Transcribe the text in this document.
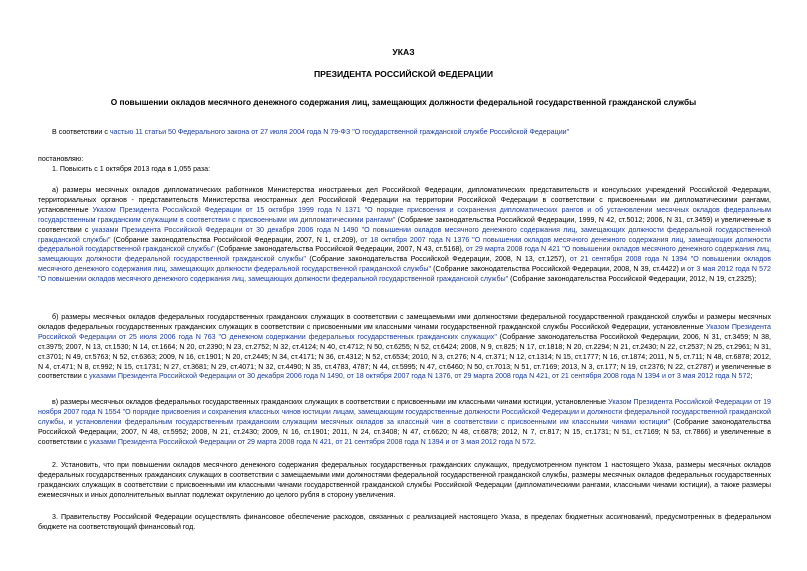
УКАЗ
ПРЕЗИДЕНТА РОССИЙСКОЙ ФЕДЕРАЦИИ
О повышении окладов месячного денежного содержания лиц, замещающих должности федеральной государственной гражданской службы
В соответствии с частью 11 статьи 50 Федерального закона от 27 июля 2004 года N 79-ФЗ "О государственной гражданской службе Российской Федерации"
постановляю:
1. Повысить с 1 октября 2013 года в 1,055 раза:
а) размеры месячных окладов дипломатических работников Министерства иностранных дел Российской Федерации, дипломатических представительств и консульских учреждений Российской Федерации, территориальных органов - представительств Министерства иностранных дел Российской Федерации на территории Российской Федерации в соответствии с присвоенными им дипломатическими рангами, установленные Указом Президента Российской Федерации от 15 октября 1999 года N 1371 "О порядке присвоения и сохранения дипломатических рангов и об установлении месячных окладов федеральным государственным гражданским служащим в соответствии с присвоенными им дипломатическими рангами" (Собрание законодательства Российской Федерации, 1999, N 42, ст.5012; 2006, N 31, ст.3459) и увеличенные в соответствии с указами Президента Российской Федерации от 30 декабря 2006 года N 1490 "О повышении окладов месячного денежного содержания лиц, замещающих должности федеральной государственной гражданской службы" (Собрание законодательства Российской Федерации, 2007, N 1, ст.209), от 18 октября 2007 года N 1376 "О повышении окладов месячного денежного содержания лиц, замещающих должности федеральной государственной гражданской службы" (Собрание законодательства Российской Федерации, 2007, N 43, ст.5168), от 29 марта 2008 года N 421 "О повышении окладов месячного денежного содержания лиц, замещающих должности федеральной государственной гражданской службы" (Собрание законодательства Российской Федерации, 2008, N 13, ст.1257), от 21 сентября 2008 года N 1394 "О повышении окладов месячного денежного содержания лиц, замещающих должности федеральной государственной гражданской службы" (Собрание законодательства Российской Федерации, 2008, N 39, ст.4422) и от 3 мая 2012 года N 572 "О повышении окладов месячного денежного содержания лиц, замещающих должности федеральной государственной гражданской службы" (Собрание законодательства Российской Федерации, 2012, N 19, ст.2325);
б) размеры месячных окладов федеральных государственных гражданских служащих в соответствии с замещаемыми ими должностями федеральной государственной гражданской службы и размеры месячных окладов федеральных государственных гражданских служащих в соответствии с присвоенными им классными чинами государственной гражданской службы Российской Федерации, установленные Указом Президента Российской Федерации от 25 июля 2006 года N 763 "О денежном содержании федеральных государственных гражданских служащих" (Собрание законодательства Российской Федерации, 2006, N 31, ст.3459; N 38, ст.3975; 2007, N 13, ст.1530; N 14, ст.1664; N 20, ст.2390; N 23, ст.2752; N 32, ст.4124; N 40, ст.4712; N 50, ст.6255; N 52, ст.6424; 2008, N 9, ст.825; N 17, ст.1818; N 20, ст.2294; N 21, ст.2430; N 22, ст.2537; N 25, ст.2961; N 31, ст.3701; N 49, ст.5763; N 52, ст.6363; 2009, N 16, ст.1901; N 20, ст.2445; N 34, ст.4171; N 36, ст.4312; N 52, ст.6534; 2010, N 3, ст.276; N 4, ст.371; N 12, ст.1314; N 15, ст.1777; N 16, ст.1874; 2011, N 5, ст.711; N 48, ст.6878; 2012, N 4, ст.471; N 8, ст.992; N 15, ст.1731; N 27, ст.3681; N 29, ст.4071; N 32, ст.4490; N 35, ст.4783, 4787; N 44, ст.5995; N 47, ст.6460; N 50, ст.7013; N 51, ст.7169; 2013, N 3, ст.177; N 19, ст.2376; N 22, ст.2787) и увеличенные в соответствии с указами Президента Российской Федерации от 30 декабря 2006 года N 1490, от 18 октября 2007 года N 1376, от 29 марта 2008 года N 421, от 21 сентября 2008 года N 1394 и от 3 мая 2012 года N 572;
в) размеры месячных окладов федеральных государственных гражданских служащих в соответствии с присвоенными им классными чинами юстиции, установленные Указом Президента Российской Федерации от 19 ноября 2007 года N 1554 "О порядке присвоения и сохранения классных чинов юстиции лицам, замещающим государственные должности Российской Федерации и должности федеральной государственной гражданской службы, и установлении федеральным государственным гражданским служащим месячных окладов за классный чин в соответствии с присвоенными им классными чинами юстиции" (Собрание законодательства Российской Федерации, 2007, N 48, ст.5952; 2008, N 21, ст.2430; 2009, N 16, ст.1901; 2011, N 24, ст.3408; N 47, ст.6620; N 48, ст.6878; 2012, N 7, ст.817; N 15, ст.1731; N 51, ст.7169; N 53, ст.7866) и увеличенные в соответствии с указами Президента Российской Федерации от 29 марта 2008 года N 421, от 21 сентября 2008 года N 1394 и от 3 мая 2012 года N 572.
2. Установить, что при повышении окладов месячного денежного содержания федеральных государственных гражданских служащих, предусмотренном пунктом 1 настоящего Указа, размеры месячных окладов федеральных государственных гражданских служащих в соответствии с замещаемыми ими должностями федеральной государственной гражданской службы, размеры месячных окладов федеральных государственных гражданских служащих в соответствии с присвоенными им классными чинами государственной гражданской службы Российской Федерации (дипломатическими рангами, классными чинами юстиции), а также размеры ежемесячных и иных дополнительных выплат подлежат округлению до целого рубля в сторону увеличения.
3. Правительству Российской Федерации осуществлять финансовое обеспечение расходов, связанных с реализацией настоящего Указа, в пределах бюджетных ассигнований, предусмотренных в федеральном бюджете на соответствующий финансовый год.
